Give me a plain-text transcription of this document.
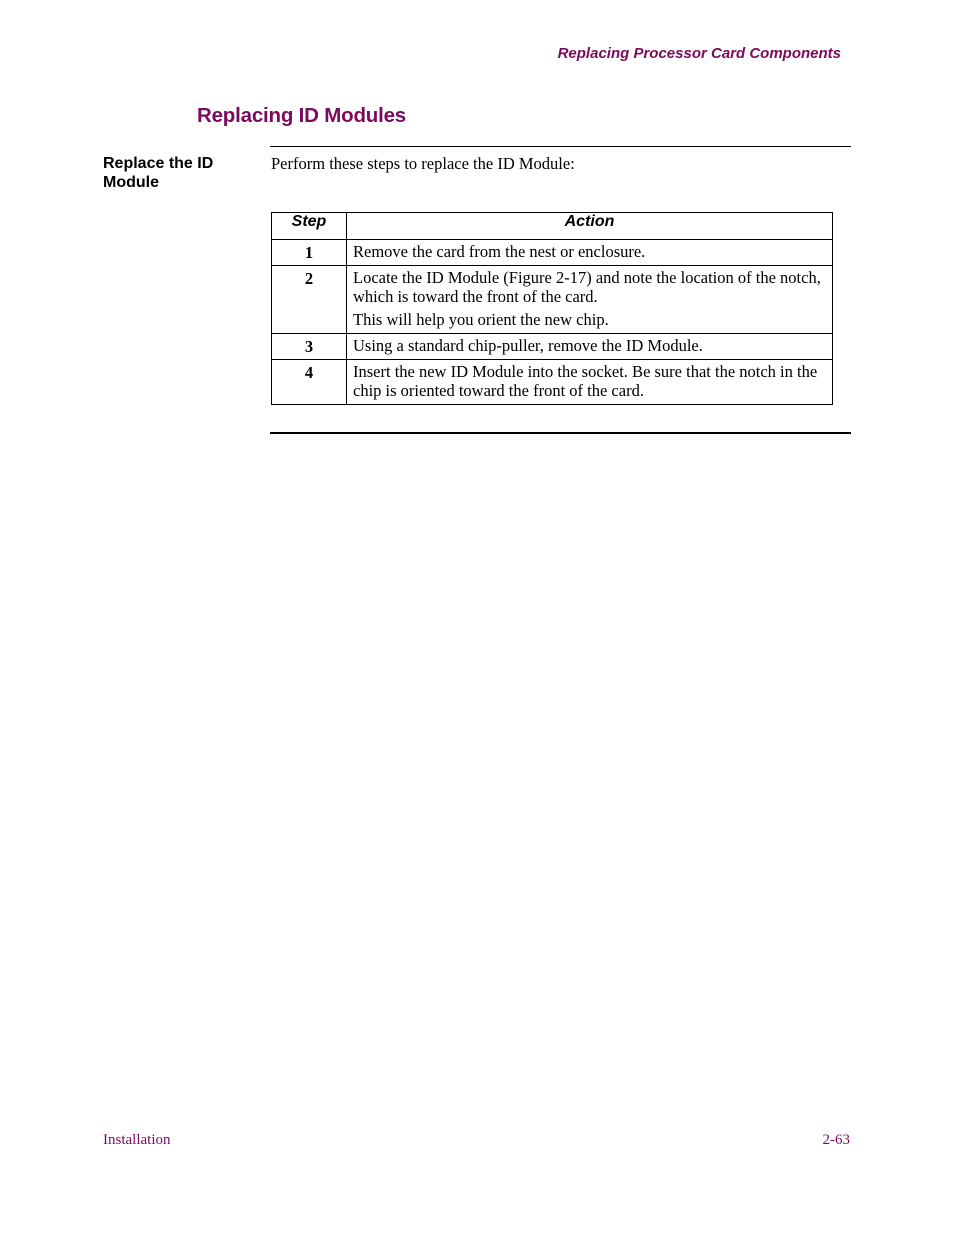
Replacing Processor Card Components
Replacing ID Modules
Replace the ID Module
Perform these steps to replace the ID Module:
Step	Action
1	Remove the card from the nest or enclosure.

2	Locate the ID Module (Figure 2-17) and note the location of the notch, which is toward the front of the card.

This will help you orient the new chip.

3	Using a standard chip-puller, remove the ID Module.

4	Insert the new ID Module into the socket. Be sure that the notch in the chip is oriented toward the front of the card.

Installation	2-63
